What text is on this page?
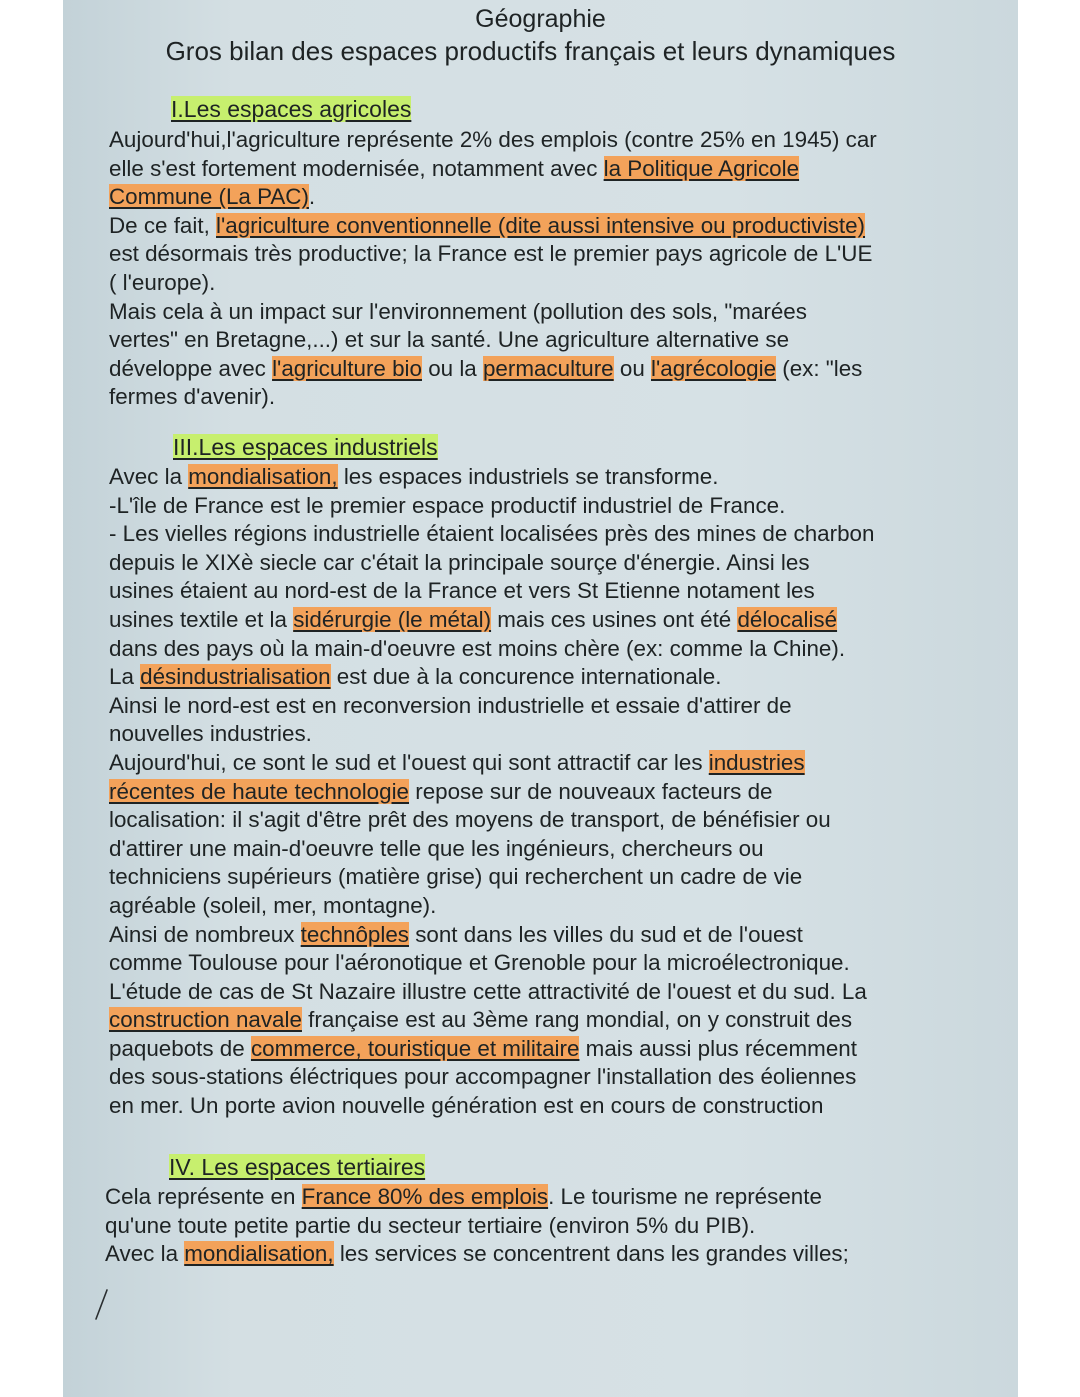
Géographie
Gros bilan des espaces productifs français et leurs dynamiques
I.Les espaces agricoles
Aujourd'hui,l'agriculture représente 2% des emplois (contre 25% en 1945) car
elle s'est fortement modernisée, notamment avec la Politique Agricole
Commune (La PAC).
De ce fait, l'agriculture conventionnelle (dite aussi intensive ou productiviste)
est désormais très productive; la France est le premier pays agricole de L'UE
( l'europe).
Mais cela à un impact sur l'environnement (pollution des sols, "marées
vertes" en Bretagne,...) et sur la santé. Une agriculture alternative se
développe avec l'agriculture bio ou la permaculture ou l'agrécologie (ex: "les
fermes d'avenir).
III.Les espaces industriels
Avec la mondialisation, les espaces industriels se transforme.
-L'île de France est le premier espace productif industriel de France.
- Les vielles régions industrielle étaient localisées près des mines de charbon
depuis le XIXè siecle car c'était la principale sourçe d'énergie. Ainsi les
usines étaient au nord-est de la France et vers St Etienne notament les
usines textile et la sidérurgie (le métal) mais ces usines ont été délocalisé
dans des pays où la main-d'oeuvre est moins chère (ex: comme la Chine).
La désindustrialisation est due à la concurence internationale.
Ainsi le nord-est est en reconversion industrielle et essaie d'attirer de
nouvelles industries.
Aujourd'hui, ce sont le sud et l'ouest qui sont attractif car les industries
récentes de haute technologie repose sur de nouveaux facteurs de
localisation: il s'agit d'être prêt des moyens de transport, de bénéfisier ou
d'attirer une main-d'oeuvre telle que les ingénieurs, chercheurs ou
techniciens supérieurs (matière grise) qui recherchent un cadre de vie
agréable (soleil, mer, montagne).
Ainsi de nombreux technôples sont dans les villes du sud et de l'ouest
comme Toulouse pour l'aéronotique et Grenoble pour la microélectronique.
L'étude de cas de St Nazaire illustre cette attractivité de l'ouest et du sud. La
construction navale française est au 3ème rang mondial, on y construit des
paquebots de commerce, touristique et militaire mais aussi plus récemment
des sous-stations éléctriques pour accompagner l'installation des éoliennes
en mer. Un porte avion nouvelle génération est en cours de construction
IV. Les espaces tertiaires
Cela représente en France 80% des emplois. Le tourisme ne représente
qu'une toute petite partie du secteur tertiaire (environ 5% du PIB).
Avec la mondialisation, les services se concentrent dans les grandes villes;
